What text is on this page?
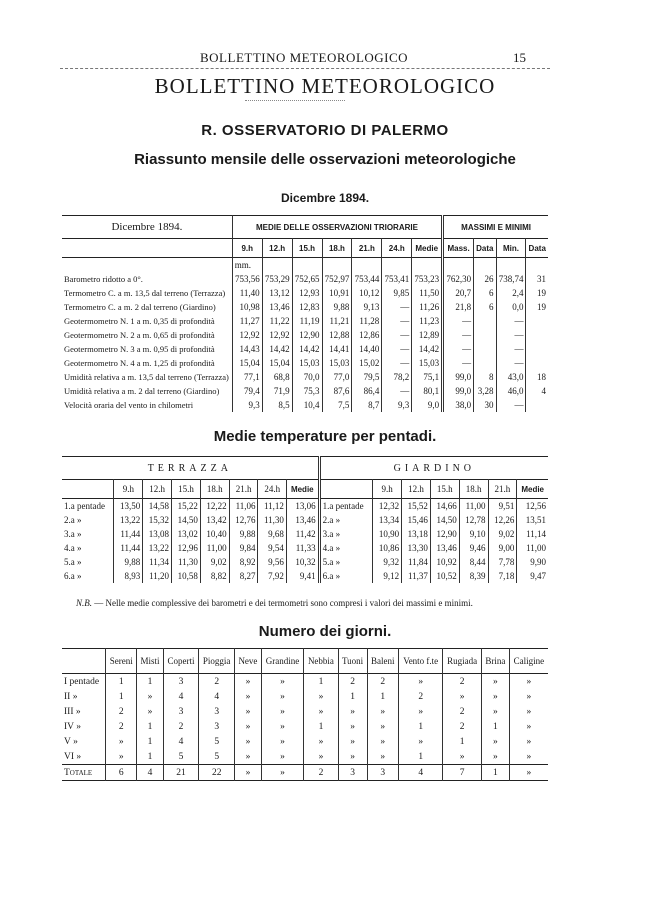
BOLLETTINO METEOROLOGICO	15
BOLLETTINO METEOROLOGICO
R. OSSERVATORIO DI PALERMO
Riassunto mensile delle osservazioni meteorologiche
Dicembre 1894.
Dicembre 1894.	MEDIE DELLE OSSERVAZIONI TRIORARIE							MASSIMI E MINIMI			
	9.h	12.h	15.h	18.h	21.h	24.h	Medie	Mass.	Data	Min.	Data
	mm.										
Barometro ridotto a 0°.	753,56	753,29	752,65	752,97	753,44	753,41	753,23	762,30	26	738,74	31
Termometro C. a m. 13,5 dal terreno (Terrazza)	11,40	13,12	12,93	10,91	10,12	9,85	11,50	20,7	6	2,4	19
Termometro C. a m. 2 dal terreno (Giardino)	10,98	13,46	12,83	9,88	9,13	—	11,26	21,8	6	0,0	19
Geotermometro N. 1 a m. 0,35 di profondità	11,27	11,22	11,19	11,21	11,28	—	11,23	—		—	
Geotermometro N. 2 a m. 0,65 di profondità	12,92	12,92	12,90	12,88	12,86	—	12,89	—		—	
Geotermometro N. 3 a m. 0,95 di profondità	14,43	14,42	14,42	14,41	14,40	—	14,42	—		—	
Geotermometro N. 4 a m. 1,25 di profondità	15,04	15,04	15,03	15,03	15,02	—	15,03	—		—	
Umidità relativa a m. 13,5 dal terreno (Terrazza)	77,1	68,8	70,0	77,0	79,5	78,2	75,1	99,0	8	43,0	18
Umidità relativa a m. 2 dal terreno (Giardino)	79,4	71,9	75,3	87,6	86,4	—	80,1	99,0	3,28	46,0	4
Velocità oraria del vento in chilometri	9,3	8,5	10,4	7,5	8,7	9,3	9,0	38,0	30	—	
Medie temperature per pentadi.
TERRAZZA								GIARDINO						
	9.h	12.h	15.h	18.h	21.h	24.h	Medie		9.h	12.h	15.h	18.h	21.h	Medie
1.a pentade	13,50	14,58	15,22	12,22	11,06	11,12	13,06	1.a pentade	12,32	15,52	14,66	11,00	9,51	12,56
2.a »	13,22	15,32	14,50	13,42	12,76	11,30	13,46	2.a »	13,34	15,46	14,50	12,78	12,26	13,51
3.a »	11,44	13,08	13,02	10,40	9,88	9,68	11,42	3.a »	10,90	13,18	12,90	9,10	9,02	11,14
4.a »	11,44	13,22	12,96	11,00	9,84	9,54	11,33	4.a »	10,86	13,30	13,46	9,46	9,00	11,00
5.a »	9,88	11,34	11,30	9,02	8,92	9,56	10,32	5.a »	9,32	11,84	10,92	8,44	7,78	9,90
6.a »	8,93	11,20	10,58	8,82	8,27	7,92	9,41	6.a »	9,12	11,37	10,52	8,39	7,18	9,47
N.B. — Nelle medie complessive dei barometri e dei termometri sono compresi i valori dei massimi e minimi.
Numero dei giorni.
	Sereni	Misti	Coperti	Pioggia	Neve	Grandine	Nebbia	Tuoni	Baleni	Vento f.te	Rugiada	Brina	Caligine
I pentade	1	1	3	2	»	»	1	2	2	»	2	»	»
II »	1	»	4	4	»	»	»	1	1	2	»	»	»
III »	2	»	3	3	»	»	»	»	»	»	2	»	»
IV »	2	1	2	3	»	»	1	»	»	1	2	1	»
V »	»	1	4	5	»	»	»	»	»	»	1	»	»
VI »	»	1	5	5	»	»	»	»	»	1	»	»	»
Totale	6	4	21	22	»	»	2	3	3	4	7	1	»
